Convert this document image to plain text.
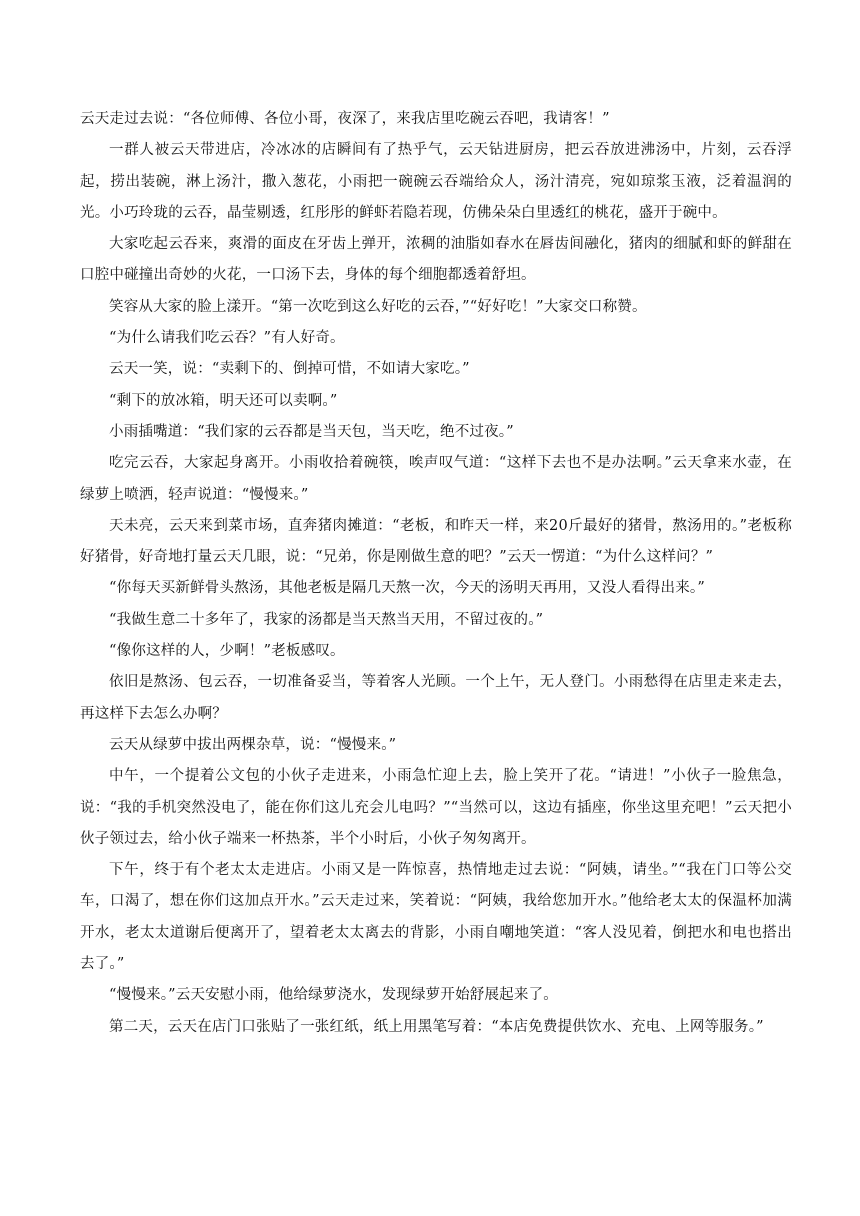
云天走过去说：“各位师傅、各位小哥，夜深了，来我店里吃碗云吞吧，我请客！”

一群人被云天带进店，冷冰冰的店瞬间有了热乎气，云天钻进厨房，把云吞放进沸汤中，片刻，云吞浮起，捞出装碗，淋上汤汁，撒入葱花，小雨把一碗碗云吞端给众人，汤汁清亮，宛如琼浆玉液，泛着温润的光。小巧玲珑的云吞，晶莹剔透，红彤彤的鲜虾若隐若现，仿佛朵朵白里透红的桃花，盛开于碗中。

大家吃起云吞来，爽滑的面皮在牙齿上弹开，浓稠的油脂如春水在唇齿间融化，猪肉的细腻和虾的鲜甜在口腔中碰撞出奇妙的火花，一口汤下去，身体的每个细胞都透着舒坦。

笑容从大家的脸上漾开。“第一次吃到这么好吃的云吞，”“好好吃！”大家交口称赞。

“为什么请我们吃云吞？”有人好奇。

云天一笑，说：“卖剩下的、倒掉可惜，不如请大家吃。”

“剩下的放冰箱，明天还可以卖啊。”

小雨插嘴道：“我们家的云吞都是当天包，当天吃，绝不过夜。”

吃完云吞，大家起身离开。小雨收拾着碗筷，唉声叹气道：“这样下去也不是办法啊。”云天拿来水壶，在绿萝上喷洒，轻声说道：“慢慢来。”

天未亮，云天来到菜市场，直奔猪肉摊道：“老板，和昨天一样，来20斤最好的猪骨，熬汤用的。”老板称好猪骨，好奇地打量云天几眼，说：“兄弟，你是刚做生意的吧？”云天一愣道：“为什么这样问？”

“你每天买新鲜骨头熬汤，其他老板是隔几天熬一次，今天的汤明天再用，又没人看得出来。”

“我做生意二十多年了，我家的汤都是当天熬当天用，不留过夜的。”

“像你这样的人，少啊！”老板感叹。

依旧是熬汤、包云吞，一切准备妥当，等着客人光顾。一个上午，无人登门。小雨愁得在店里走来走去，再这样下去怎么办啊？

云天从绿萝中拔出两棵杂草，说：“慢慢来。”

中午，一个提着公文包的小伙子走进来，小雨急忙迎上去，脸上笑开了花。“请进！”小伙子一脸焦急，说：“我的手机突然没电了，能在你们这儿充会儿电吗？”“当然可以，这边有插座，你坐这里充吧！”云天把小伙子领过去，给小伙子端来一杯热茶，半个小时后，小伙子匆匆离开。

下午，终于有个老太太走进店。小雨又是一阵惊喜，热情地走过去说：“阿姨，请坐。”“我在门口等公交车，口渴了，想在你们这加点开水。”云天走过来，笑着说：“阿姨，我给您加开水。”他给老太太的保温杯加满开水，老太太道谢后便离开了，望着老太太离去的背影，小雨自嘲地笑道：“客人没见着，倒把水和电也搭出去了。”

“慢慢来。”云天安慰小雨，他给绿萝浇水，发现绿萝开始舒展起来了。

第二天，云天在店门口张贴了一张红纸，纸上用黑笔写着：“本店免费提供饮水、充电、上网等服务。”
